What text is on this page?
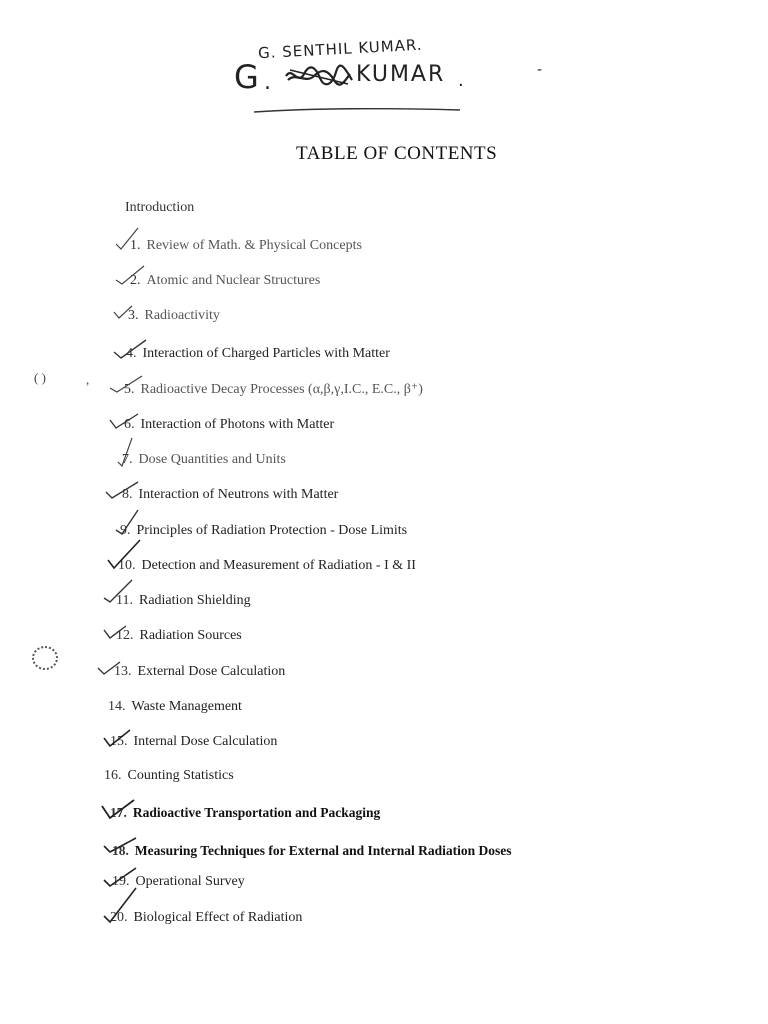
G. SENTHIL KUMAR.
G .	KUMAR .	-
TABLE OF CONTENTS
Introduction
1. Review of Math. & Physical Concepts
2. Atomic and Nuclear Structures
3. Radioactivity
4. Interaction of Charged Particles with Matter
5. Radioactive Decay Processes (α,β,γ,I.C., E.C., β⁺)
6. Interaction of Photons with Matter
7. Dose Quantities and Units
8. Interaction of Neutrons with Matter
9. Principles of Radiation Protection - Dose Limits
10. Detection and Measurement of Radiation - I & II
11. Radiation Shielding
12. Radiation Sources
13. External Dose Calculation
14. Waste Management
15. Internal Dose Calculation
16. Counting Statistics
17. Radioactive Transportation and Packaging
18. Measuring Techniques for External and Internal Radiation Doses
19. Operational Survey
20. Biological Effect of Radiation
( )	,
